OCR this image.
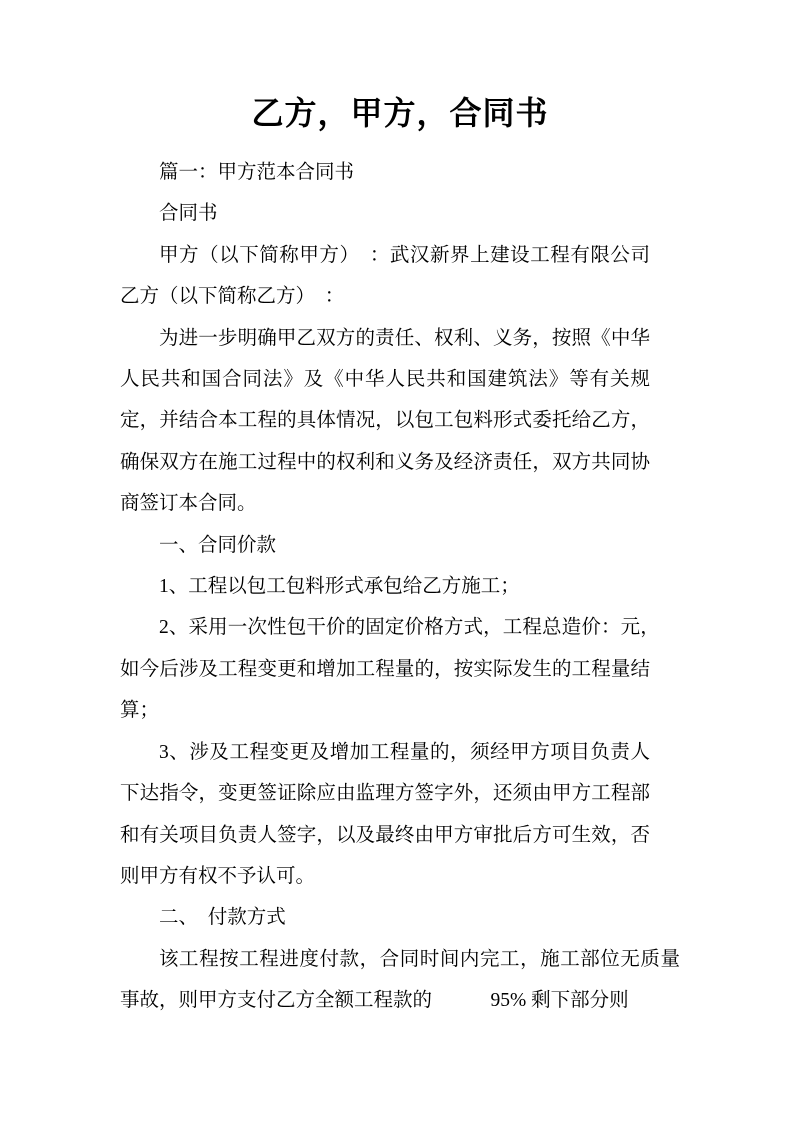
乙方，甲方，合同书

篇一：甲方范本合同书

合同书

甲方（以下简称甲方）　：武汉新界上建设工程有限公司乙方（以下简称乙方）　：

为进一步明确甲乙双方的责任、权利、义务，按照《中华人民共和国合同法》及《中华人民共和国建筑法》等有关规定，并结合本工程的具体情况，以包工包料形式委托给乙方，确保双方在施工过程中的权利和义务及经济责任，双方共同协商签订本合同。

一、合同价款

1、工程以包工包料形式承包给乙方施工；

2、采用一次性包干价的固定价格方式，工程总造价：元，　　如今后涉及工程变更和增加工程量的，按实际发生的工程量结算；

3、涉及工程变更及增加工程量的，须经甲方项目负责人下达指令，变更签证除应由监理方签字外，还须由甲方工程部和有关项目负责人签字，以及最终由甲方审批后方可生效，否则甲方有权不予认可。

二、　付款方式

该工程按工程进度付款，合同时间内完工，施工部位无质量事故，则甲方支付乙方全额工程款的　　　95% 剩下部分则
